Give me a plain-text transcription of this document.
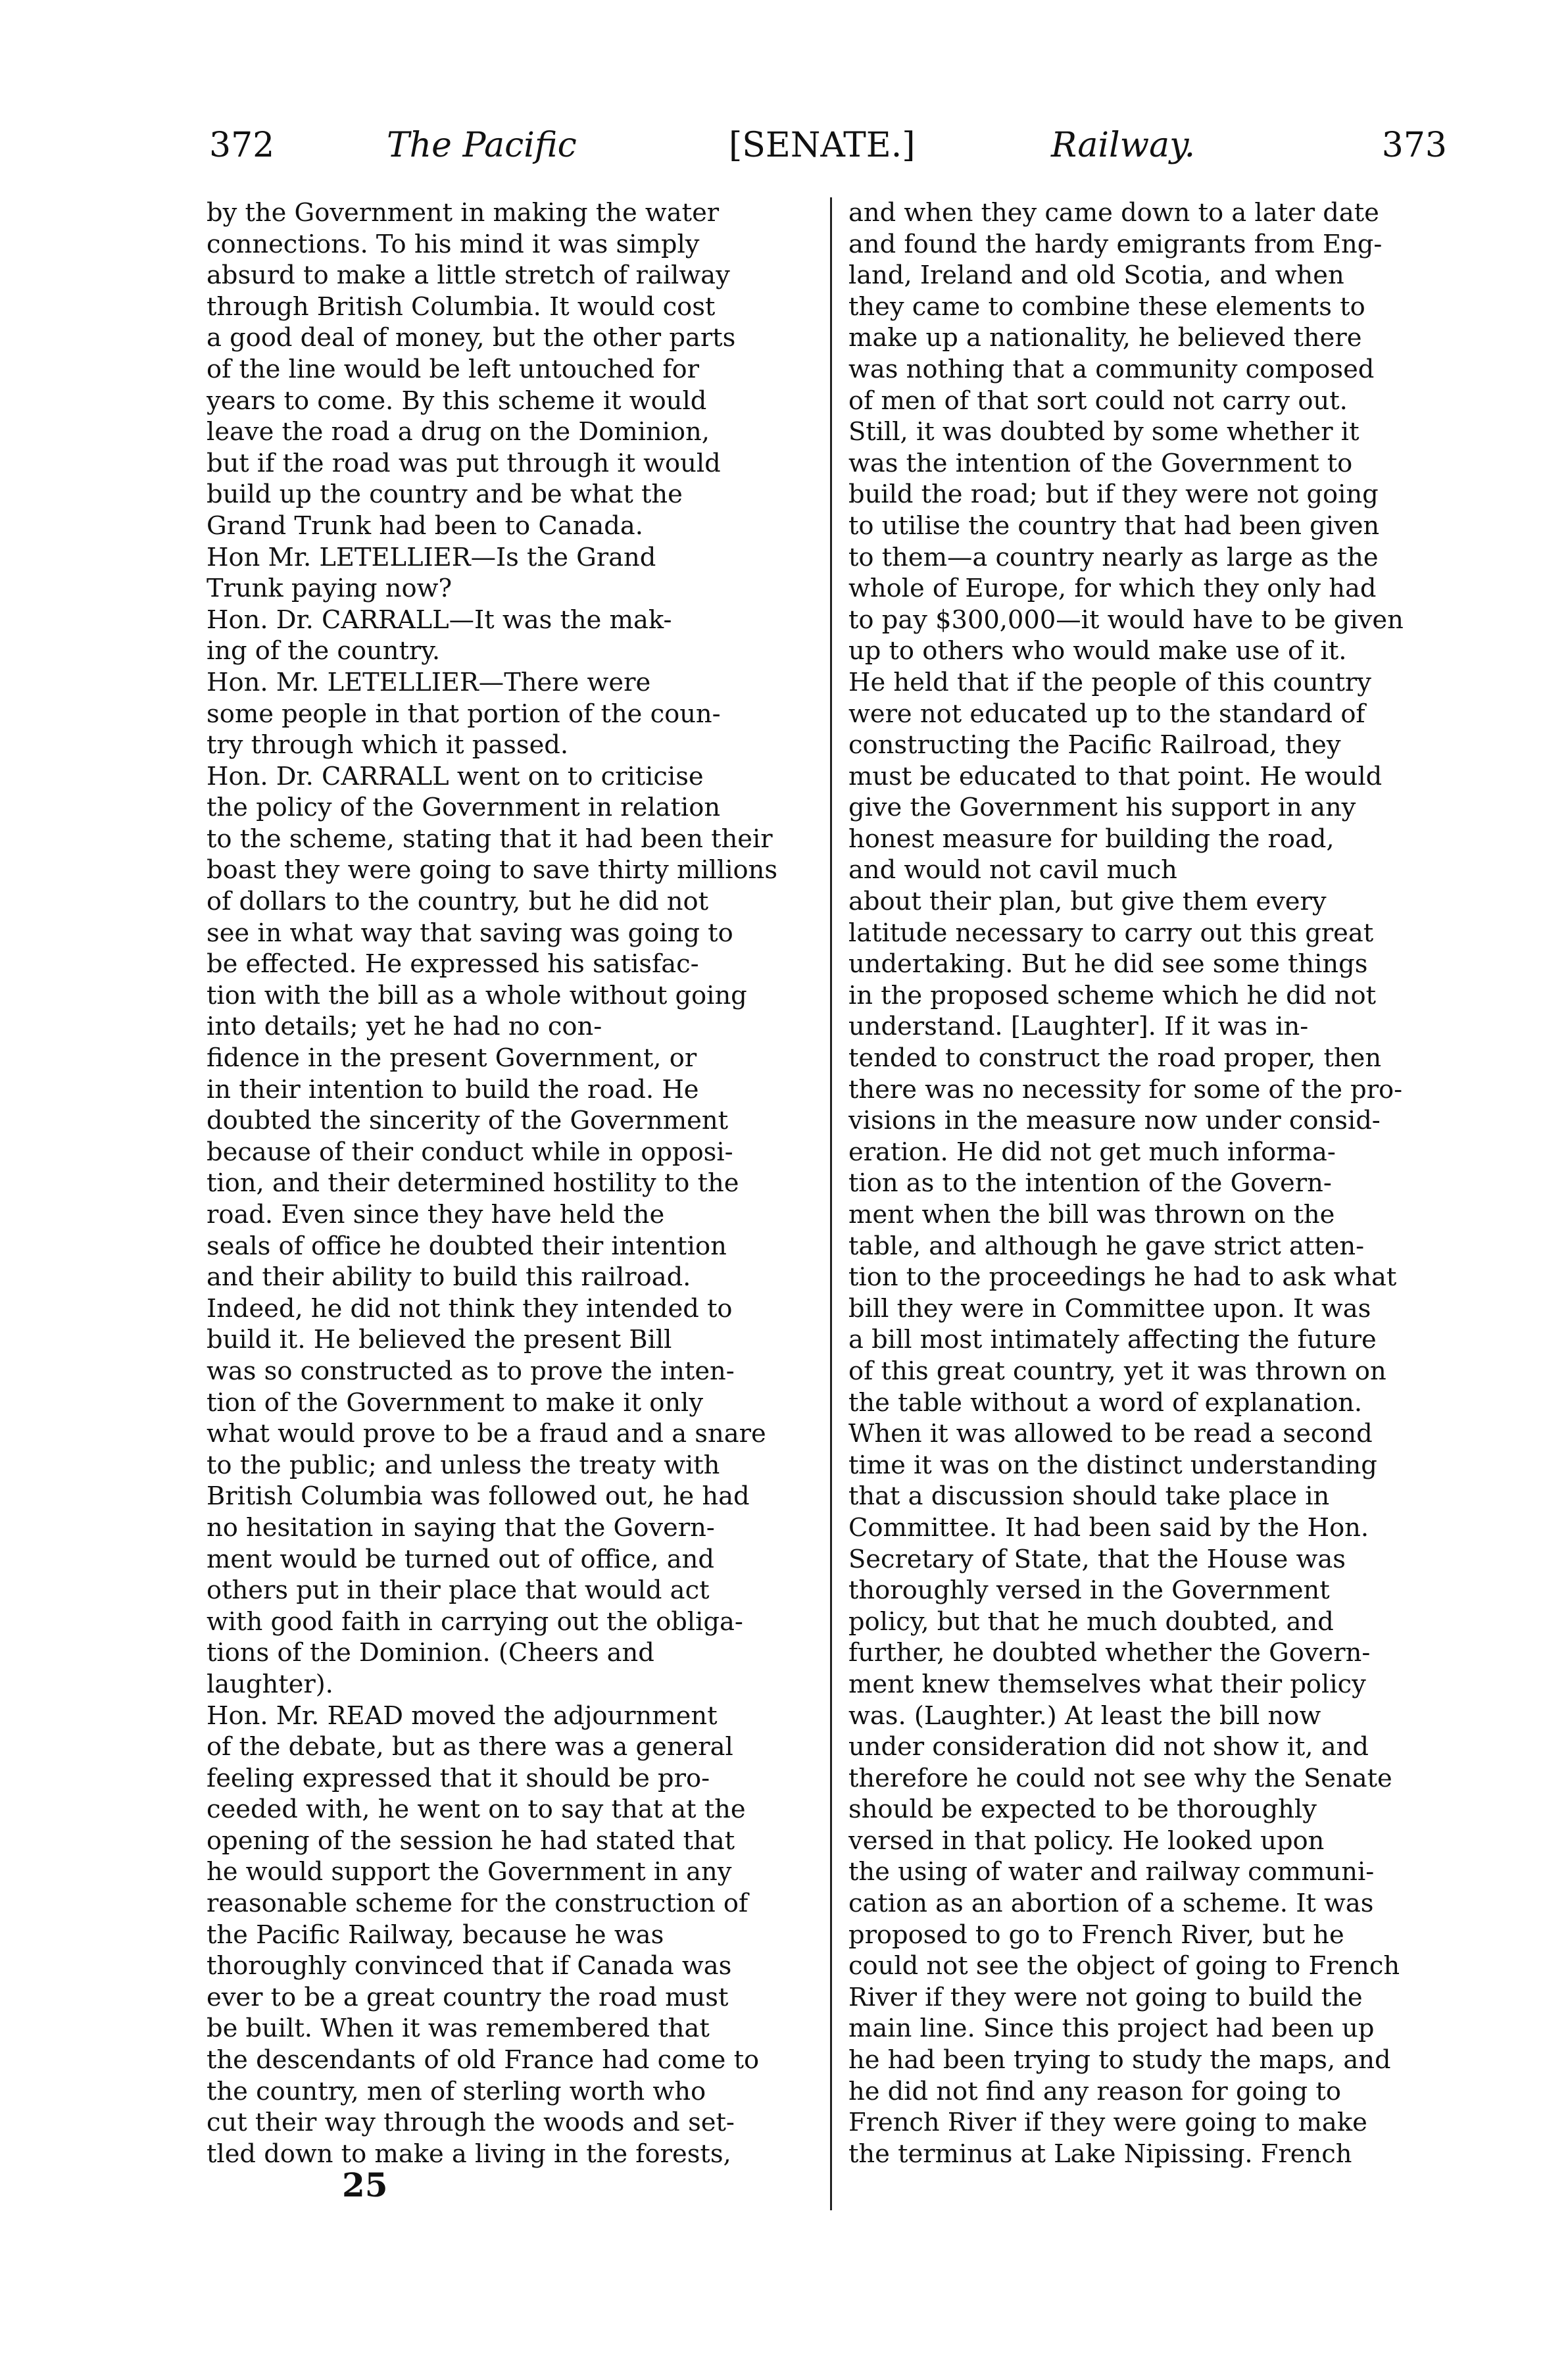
372	The Pacific	[SENATE.]	Railway.	373
by the Government in making the water
connections. To his mind it was simply
absurd to make a little stretch of railway
through British Columbia. It would cost
a good deal of money, but the other parts
of the line would be left untouched for
years to come. By this scheme it would
leave the road a drug on the Dominion,
but if the road was put through it would
build up the country and be what the
Grand Trunk had been to Canada.
Hon Mr. LETELLIER—Is the Grand
Trunk paying now?
Hon. Dr. CARRALL—It was the mak-
ing of the country.
Hon. Mr. LETELLIER—There were
some people in that portion of the coun-
try through which it passed.
Hon. Dr. CARRALL went on to criticise
the policy of the Government in relation
to the scheme, stating that it had been their
boast they were going to save thirty millions
of dollars to the country, but he did not
see in what way that saving was going to
be effected. He expressed his satisfac-
tion with the bill as a whole without going
into details; yet he had no con-
fidence in the present Government, or
in their intention to build the road. He
doubted the sincerity of the Government
because of their conduct while in opposi-
tion, and their determined hostility to the
road. Even since they have held the
seals of office he doubted their intention
and their ability to build this railroad.
Indeed, he did not think they intended to
build it. He believed the present Bill
was so constructed as to prove the inten-
tion of the Government to make it only
what would prove to be a fraud and a snare
to the public; and unless the treaty with
British Columbia was followed out, he had
no hesitation in saying that the Govern-
ment would be turned out of office, and
others put in their place that would act
with good faith in carrying out the obliga-
tions of the Dominion. (Cheers and
laughter).
Hon. Mr. READ moved the adjournment
of the debate, but as there was a general
feeling expressed that it should be pro-
ceeded with, he went on to say that at the
opening of the session he had stated that
he would support the Government in any
reasonable scheme for the construction of
the Pacific Railway, because he was
thoroughly convinced that if Canada was
ever to be a great country the road must
be built. When it was remembered that
the descendants of old France had come to
the country, men of sterling worth who
cut their way through the woods and set-
tled down to make a living in the forests,
and when they came down to a later date
and found the hardy emigrants from Eng-
land, Ireland and old Scotia, and when
they came to combine these elements to
make up a nationality, he believed there
was nothing that a community composed
of men of that sort could not carry out.
Still, it was doubted by some whether it
was the intention of the Government to
build the road; but if they were not going
to utilise the country that had been given
to them—a country nearly as large as the
whole of Europe, for which they only had
to pay $300,000—it would have to be given
up to others who would make use of it.
He held that if the people of this country
were not educated up to the standard of
constructing the Pacific Railroad, they
must be educated to that point. He would
give the Government his support in any
honest measure for building the road,
and would not cavil much
about their plan, but give them every
latitude necessary to carry out this great
undertaking. But he did see some things
in the proposed scheme which he did not
understand. [Laughter]. If it was in-
tended to construct the road proper, then
there was no necessity for some of the pro-
visions in the measure now under consid-
eration. He did not get much informa-
tion as to the intention of the Govern-
ment when the bill was thrown on the
table, and although he gave strict atten-
tion to the proceedings he had to ask what
bill they were in Committee upon. It was
a bill most intimately affecting the future
of this great country, yet it was thrown on
the table without a word of explanation.
When it was allowed to be read a second
time it was on the distinct understanding
that a discussion should take place in
Committee. It had been said by the Hon.
Secretary of State, that the House was
thoroughly versed in the Government
policy, but that he much doubted, and
further, he doubted whether the Govern-
ment knew themselves what their policy
was. (Laughter.) At least the bill now
under consideration did not show it, and
therefore he could not see why the Senate
should be expected to be thoroughly
versed in that policy. He looked upon
the using of water and railway communi-
cation as an abortion of a scheme. It was
proposed to go to French River, but he
could not see the object of going to French
River if they were not going to build the
main line. Since this project had been up
he had been trying to study the maps, and
he did not find any reason for going to
French River if they were going to make
the terminus at Lake Nipissing. French
25
